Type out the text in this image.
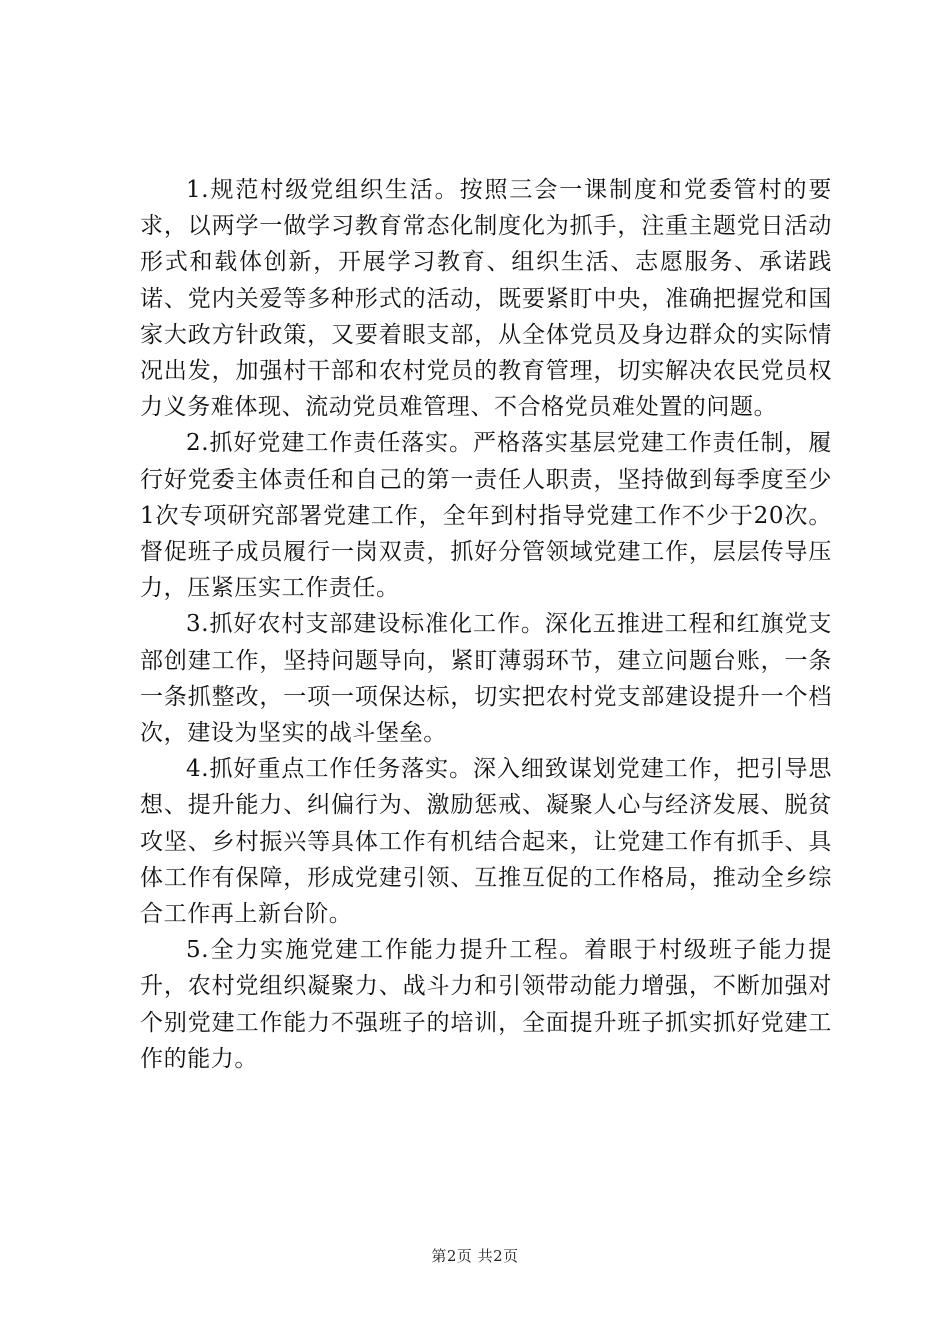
1.规范村级党组织生活。按照三会一课制度和党委管村的要求，以两学一做学习教育常态化制度化为抓手，注重主题党日活动形式和载体创新，开展学习教育、组织生活、志愿服务、承诺践诺、党内关爱等多种形式的活动，既要紧盯中央，准确把握党和国家大政方针政策，又要着眼支部，从全体党员及身边群众的实际情况出发，加强村干部和农村党员的教育管理，切实解决农民党员权力义务难体现、流动党员难管理、不合格党员难处置的问题。

2.抓好党建工作责任落实。严格落实基层党建工作责任制，履行好党委主体责任和自己的第一责任人职责，坚持做到每季度至少1次专项研究部署党建工作，全年到村指导党建工作不少于20次。督促班子成员履行一岗双责，抓好分管领域党建工作，层层传导压力，压紧压实工作责任。

3.抓好农村支部建设标准化工作。深化五推进工程和红旗党支部创建工作，坚持问题导向，紧盯薄弱环节，建立问题台账，一条一条抓整改，一项一项保达标，切实把农村党支部建设提升一个档次，建设为坚实的战斗堡垒。

4.抓好重点工作任务落实。深入细致谋划党建工作，把引导思想、提升能力、纠偏行为、激励惩戒、凝聚人心与经济发展、脱贫攻坚、乡村振兴等具体工作有机结合起来，让党建工作有抓手、具体工作有保障，形成党建引领、互推互促的工作格局，推动全乡综合工作再上新台阶。

5.全力实施党建工作能力提升工程。着眼于村级班子能力提升，农村党组织凝聚力、战斗力和引领带动能力增强，不断加强对个别党建工作能力不强班子的培训，全面提升班子抓实抓好党建工作的能力。

第2页 共2页
